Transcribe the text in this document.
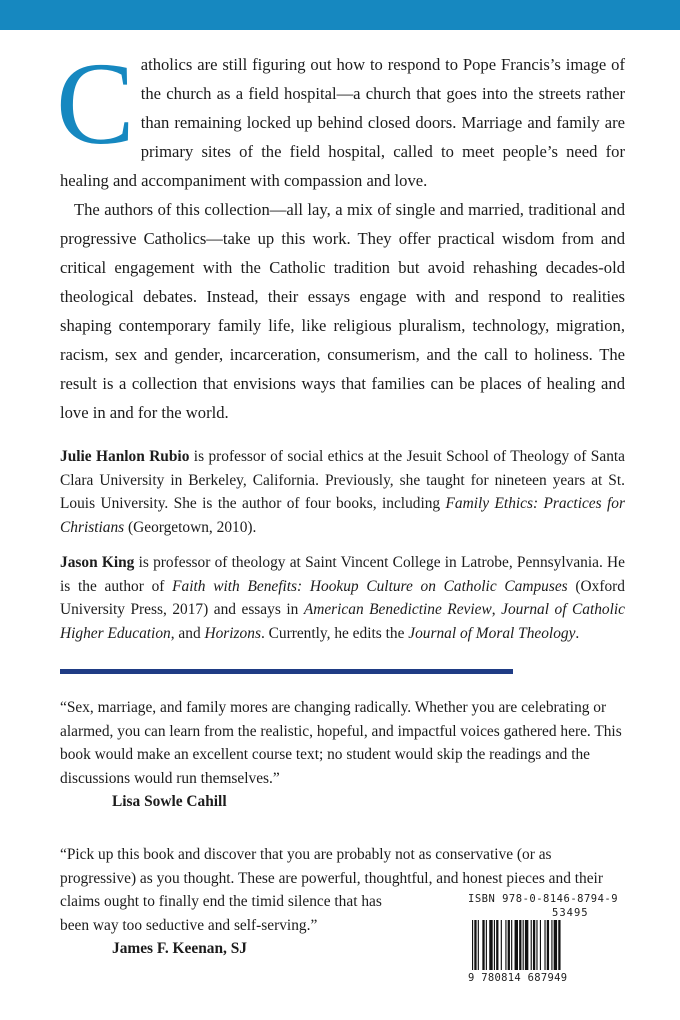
Catholics are still figuring out how to respond to Pope Francis’s image of the church as a field hospital—a church that goes into the streets rather than remaining locked up behind closed doors. Marriage and family are primary sites of the field hospital, called to meet people’s need for healing and accompaniment with compassion and love.

The authors of this collection—all lay, a mix of single and married, traditional and progressive Catholics—take up this work. They offer practical wisdom from and critical engagement with the Catholic tradition but avoid rehashing decades-old theological debates. Instead, their essays engage with and respond to realities shaping contemporary family life, like religious pluralism, technology, migration, racism, sex and gender, incarceration, consumerism, and the call to holiness. The result is a collection that envisions ways that families can be places of healing and love in and for the world.

Julie Hanlon Rubio is professor of social ethics at the Jesuit School of Theology of Santa Clara University in Berkeley, California. Previously, she taught for nineteen years at St. Louis University. She is the author of four books, including Family Ethics: Practices for Christians (Georgetown, 2010).

Jason King is professor of theology at Saint Vincent College in Latrobe, Pennsylvania. He is the author of Faith with Benefits: Hookup Culture on Catholic Campuses (Oxford University Press, 2017) and essays in American Benedictine Review, Journal of Catholic Higher Education, and Horizons. Currently, he edits the Journal of Moral Theology.

“Sex, marriage, and family mores are changing radically. Whether you are celebrating or alarmed, you can learn from the realistic, hopeful, and impactful voices gathered here. This book would make an excellent course text; no student would skip the readings and the discussions would run themselves.”

Lisa Sowle Cahill

“Pick up this book and discover that you are probably not as conservative (or as progressive) as you thought. These are powerful, thoughtful, and honest pieces and their claims ought to finally end the timid silence that has

been way too seductive and self-serving.”

James F. Keenan, SJ

ISBN 978-0-8146-8794-9
53495
9 780814 687949
